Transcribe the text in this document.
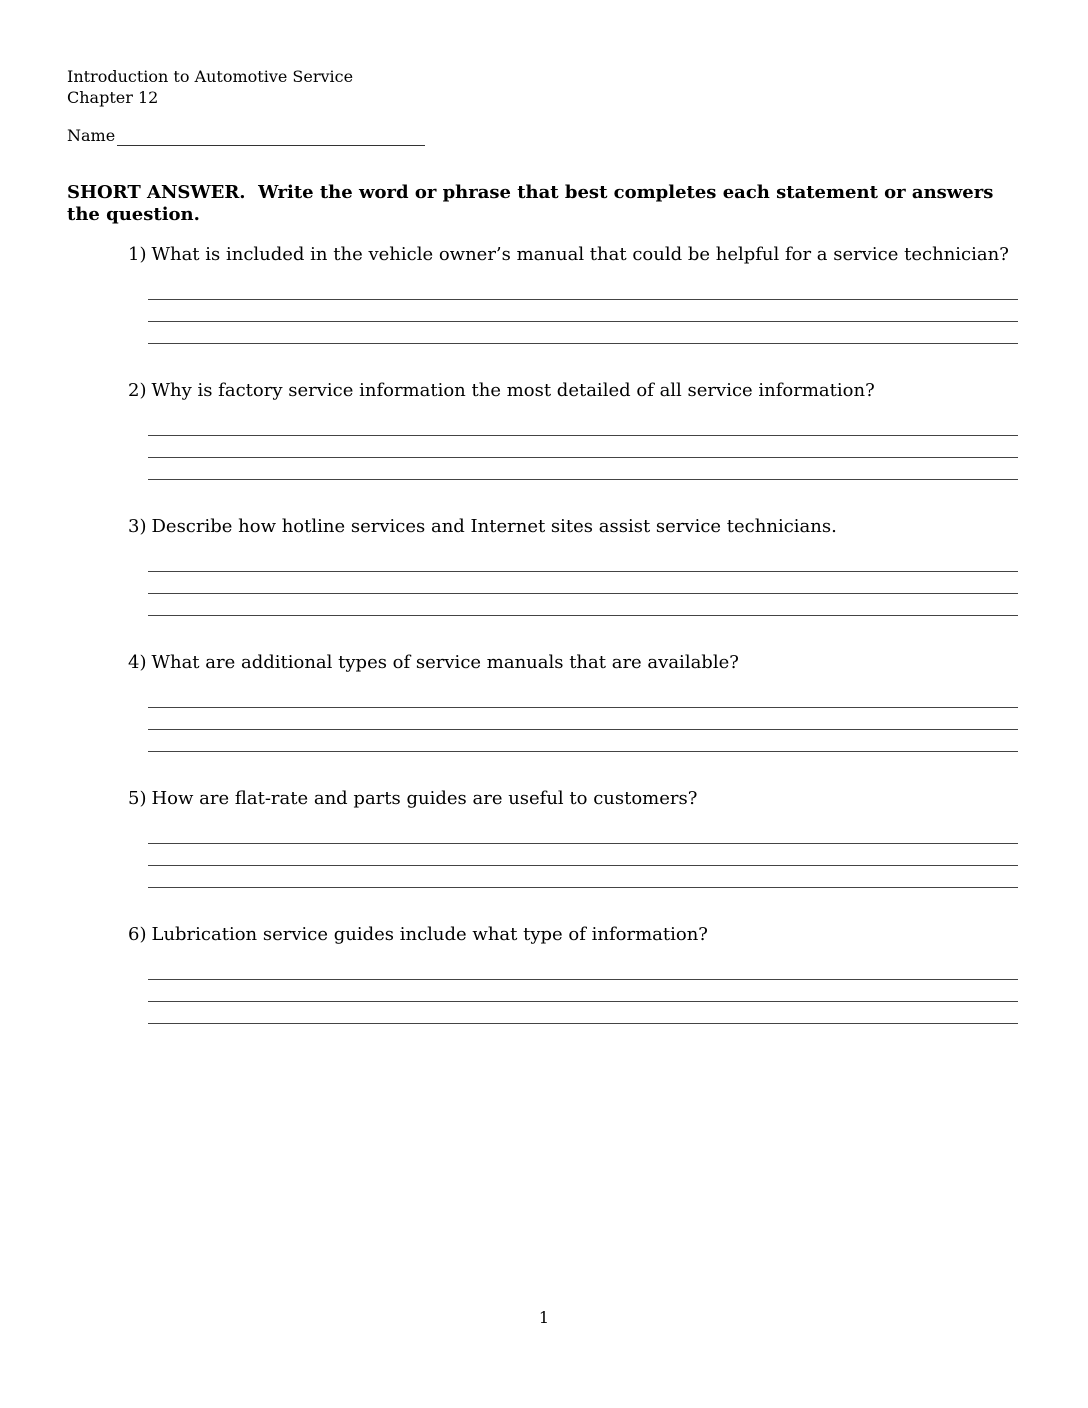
Introduction to Automotive Service
Chapter 12
Name
SHORT ANSWER.  Write the word or phrase that best completes each statement or answers the question.
1) What is included in the vehicle owner’s manual that could be helpful for a service technician?
2) Why is factory service information the most detailed of all service information?
3) Describe how hotline services and Internet sites assist service technicians.
4) What are additional types of service manuals that are available?
5) How are flat-rate and parts guides are useful to customers?
6) Lubrication service guides include what type of information?
1
